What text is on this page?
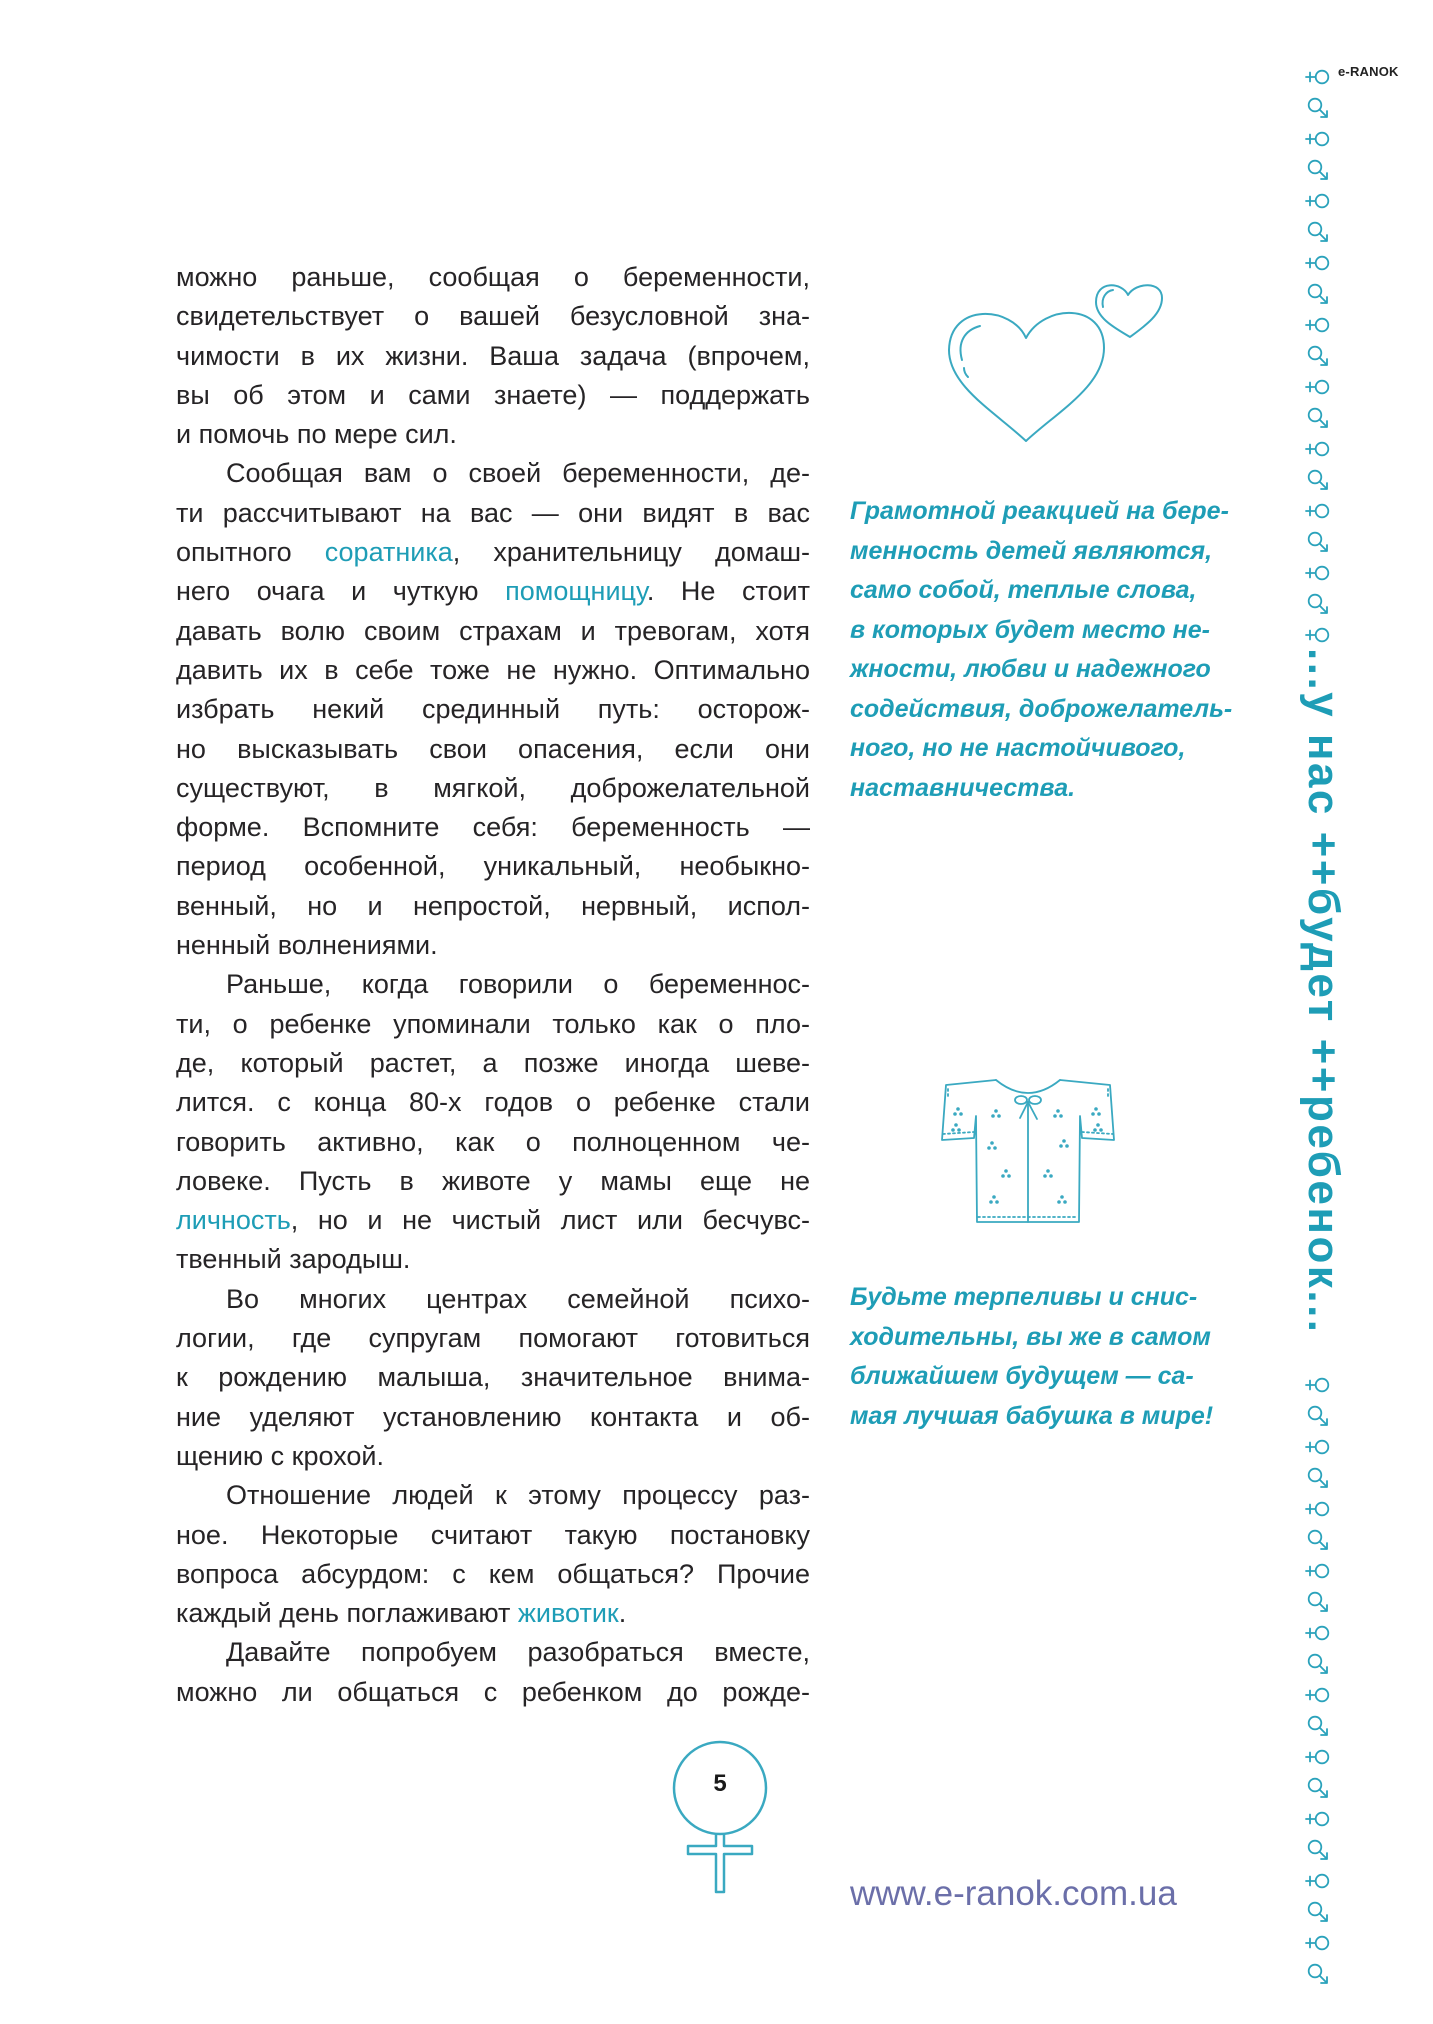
e-RANOK
...у нас ++будет ++ребенок...
можно раньше, сообщая о беременности,
свидетельствует о вашей безусловной зна-
чимости в их жизни. Ваша задача (впрочем,
вы об этом и сами знаете) — поддержать
и помочь по мере сил.
Сообщая вам о своей беременности, де-
ти рассчитывают на вас — они видят в вас
опытного соратника, хранительницу домаш-
него очага и чуткую помощницу. Не стоит
давать волю своим страхам и тревогам, хотя
давить их в себе тоже не нужно. Оптимально
избрать некий срединный путь: осторож-
но высказывать свои опасения, если они
существуют, в мягкой, доброжелательной
форме. Вспомните себя: беременность —
период особенной, уникальный, необыкно-
венный, но и непростой, нервный, испол-
ненный волнениями.
Раньше, когда говорили о беременнос-
ти, о ребенке упоминали только как о пло-
де, который растет, а позже иногда шеве-
лится. с конца 80-х годов о ребенке стали
говорить активно, как о полноценном че-
ловеке. Пусть в животе у мамы еще не
личность, но и не чистый лист или бесчувс-
твенный зародыш.
Во многих центрах семейной психо-
логии, где супругам помогают готовиться
к рождению малыша, значительное внима-
ние уделяют установлению контакта и об-
щению с крохой.
Отношение людей к этому процессу раз-
ное. Некоторые считают такую постановку
вопроса абсурдом: с кем общаться? Прочие
каждый день поглаживают животик.
Давайте попробуем разобраться вместе,
можно ли общаться с ребенком до рожде-
Грамотной реакцией на бере-
менность детей являются,
само собой, теплые слова,
в которых будет место не-
жности, любви и надежного
содействия, доброжелатель-
ного, но не настойчивого,
наставничества.
Будьте терпеливы и снис-
ходительны, вы же в самом
ближайшем будущем — са-
мая лучшая бабушка в мире!
5
www.e-ranok.com.ua
